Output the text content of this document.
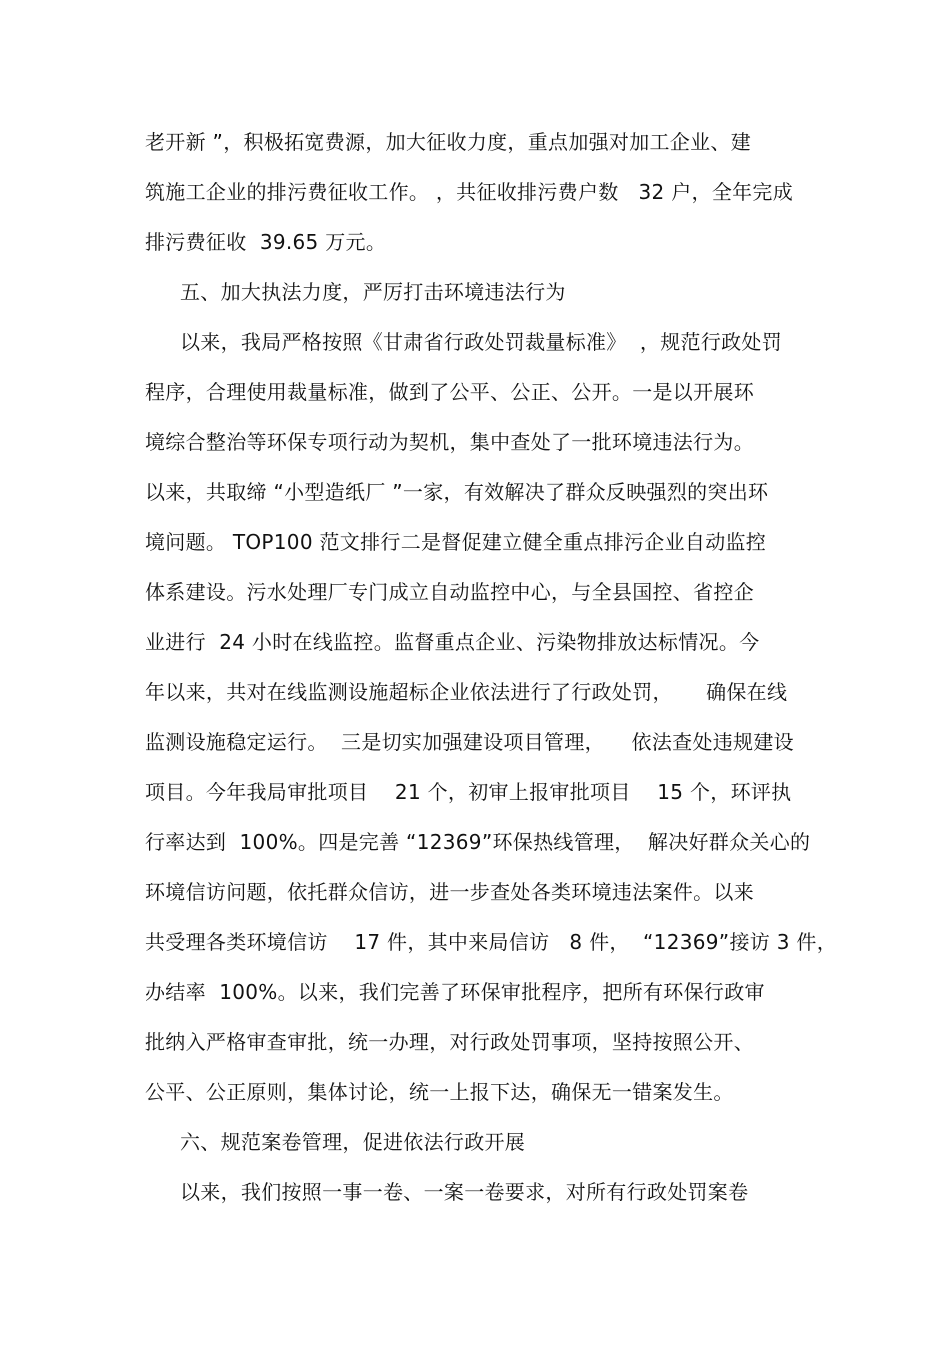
老开新 ”，积极拓宽费源，加大征收力度，重点加强对加工企业、建
筑施工企业的排污费征收工作。 ，共征收排污费户数   32 户，全年完成
排污费征收  39.65 万元。
五、加大执法力度，严厉打击环境违法行为
以来，我局严格按照《甘肃省行政处罚裁量标准》  ，规范行政处罚
程序，合理使用裁量标准，做到了公平、公正、公开。一是以开展环
境综合整治等环保专项行动为契机，集中查处了一批环境违法行为。
以来，共取缔 “小型造纸厂 ”一家，有效解决了群众反映强烈的突出环
境问题。 TOP100 范文排行二是督促建立健全重点排污企业自动监控
体系建设。污水处理厂专门成立自动监控中心，与全县国控、省控企
业进行  24 小时在线监控。监督重点企业、污染物排放达标情况。今
年以来，共对在线监测设施超标企业依法进行了行政处罚，     确保在线
监测设施稳定运行。  三是切实加强建设项目管理，    依法查处违规建设
项目。今年我局审批项目    21 个，初审上报审批项目    15 个，环评执
行率达到  100%。四是完善 “12369”环保热线管理，  解决好群众关心的
环境信访问题，依托群众信访，进一步查处各类环境违法案件。以来
共受理各类环境信访    17 件，其中来局信访   8 件，  “12369”接访 3 件，
办结率  100%。以来，我们完善了环保审批程序，把所有环保行政审
批纳入严格审查审批，统一办理，对行政处罚事项，坚持按照公开、
公平、公正原则，集体讨论，统一上报下达，确保无一错案发生。
六、规范案卷管理，促进依法行政开展
以来，我们按照一事一卷、一案一卷要求，对所有行政处罚案卷
